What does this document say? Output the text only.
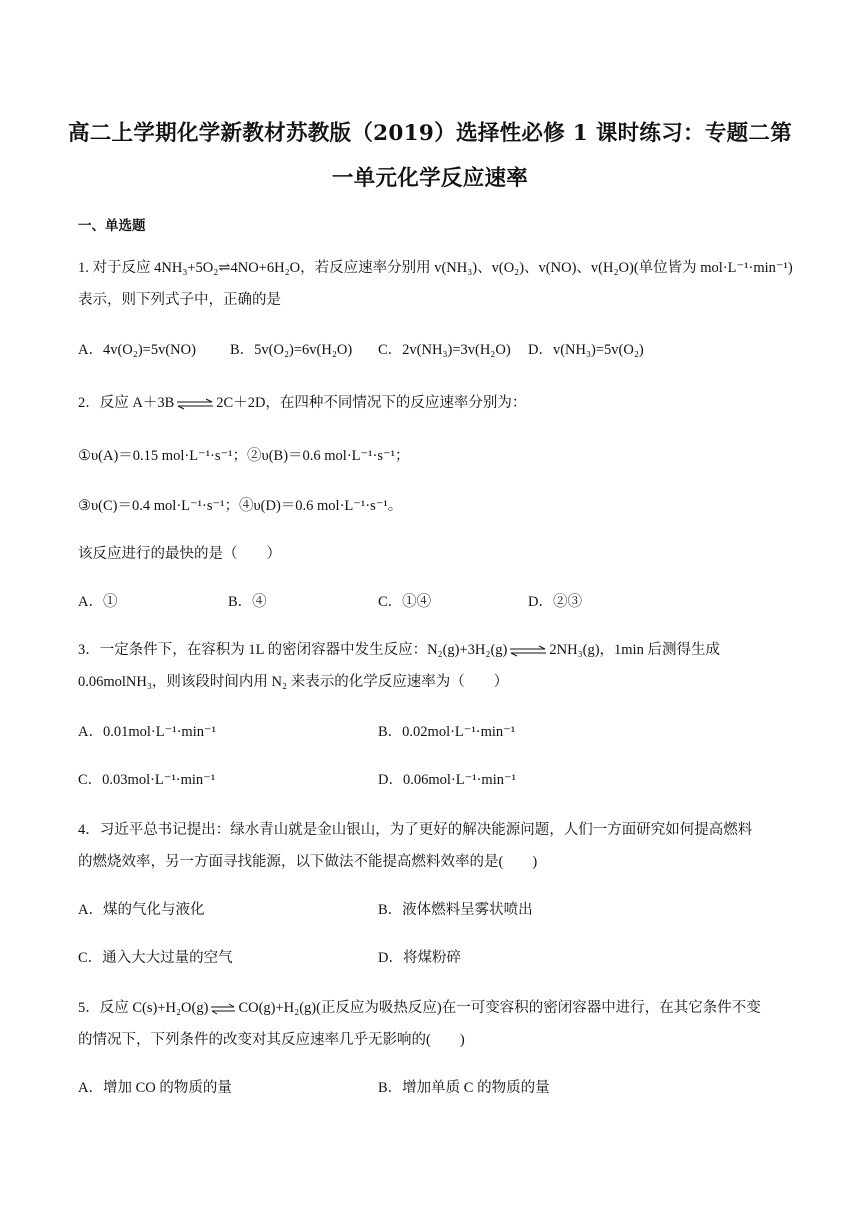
高二上学期化学新教材苏教版（2019）选择性必修 1 课时练习：专题二第
一单元化学反应速率
一、单选题
1. 对于反应 4NH₃+5O₂⇌4NO+6H₂O，若反应速率分别用 v(NH₃)、v(O₂)、v(NO)、v(H₂O)(单位皆为 mol·L⁻¹·min⁻¹)
表示，则下列式子中，正确的是
A．4v(O₂)=5v(NO) B．5v(O₂)=6v(H₂O) C．2v(NH₃)=3v(H₂O) D．v(NH₃)=5v(O₂)
2．反应 A＋3B ⇌ 2C＋2D，在四种不同情况下的反应速率分别为：
①υ(A)＝0.15 mol·L⁻¹·s⁻¹；②υ(B)＝0.6 mol·L⁻¹·s⁻¹；
③υ(C)＝0.4 mol·L⁻¹·s⁻¹；④υ(D)＝0.6 mol·L⁻¹·s⁻¹。
该反应进行的最快的是（　　）
A．①	B．④	C．①④	D．②③
3．一定条件下，在容积为 1L 的密闭容器中发生反应：N₂(g)+3H₂(g) ⇌ 2NH₃(g)，1min 后测得生成
0.06molNH₃，则该段时间内用 N₂ 来表示的化学反应速率为（　　）
A．0.01mol·L⁻¹·min⁻¹	B．0.02mol·L⁻¹·min⁻¹
C．0.03mol·L⁻¹·min⁻¹	D．0.06mol·L⁻¹·min⁻¹
4．习近平总书记提出：绿水青山就是金山银山，为了更好的解决能源问题，人们一方面研究如何提高燃料
的燃烧效率，另一方面寻找能源，以下做法不能提高燃料效率的是(　　)
A．煤的气化与液化	B．液体燃料呈雾状喷出
C．通入大大过量的空气	D．将煤粉碎
5．反应 C(s)+H₂O(g) ⇌ CO(g)+H₂(g)(正反应为吸热反应)在一可变容积的密闭容器中进行，在其它条件不变
的情况下，下列条件的改变对其反应速率几乎无影响的(　　)
A．增加 CO 的物质的量	B．增加单质 C 的物质的量
